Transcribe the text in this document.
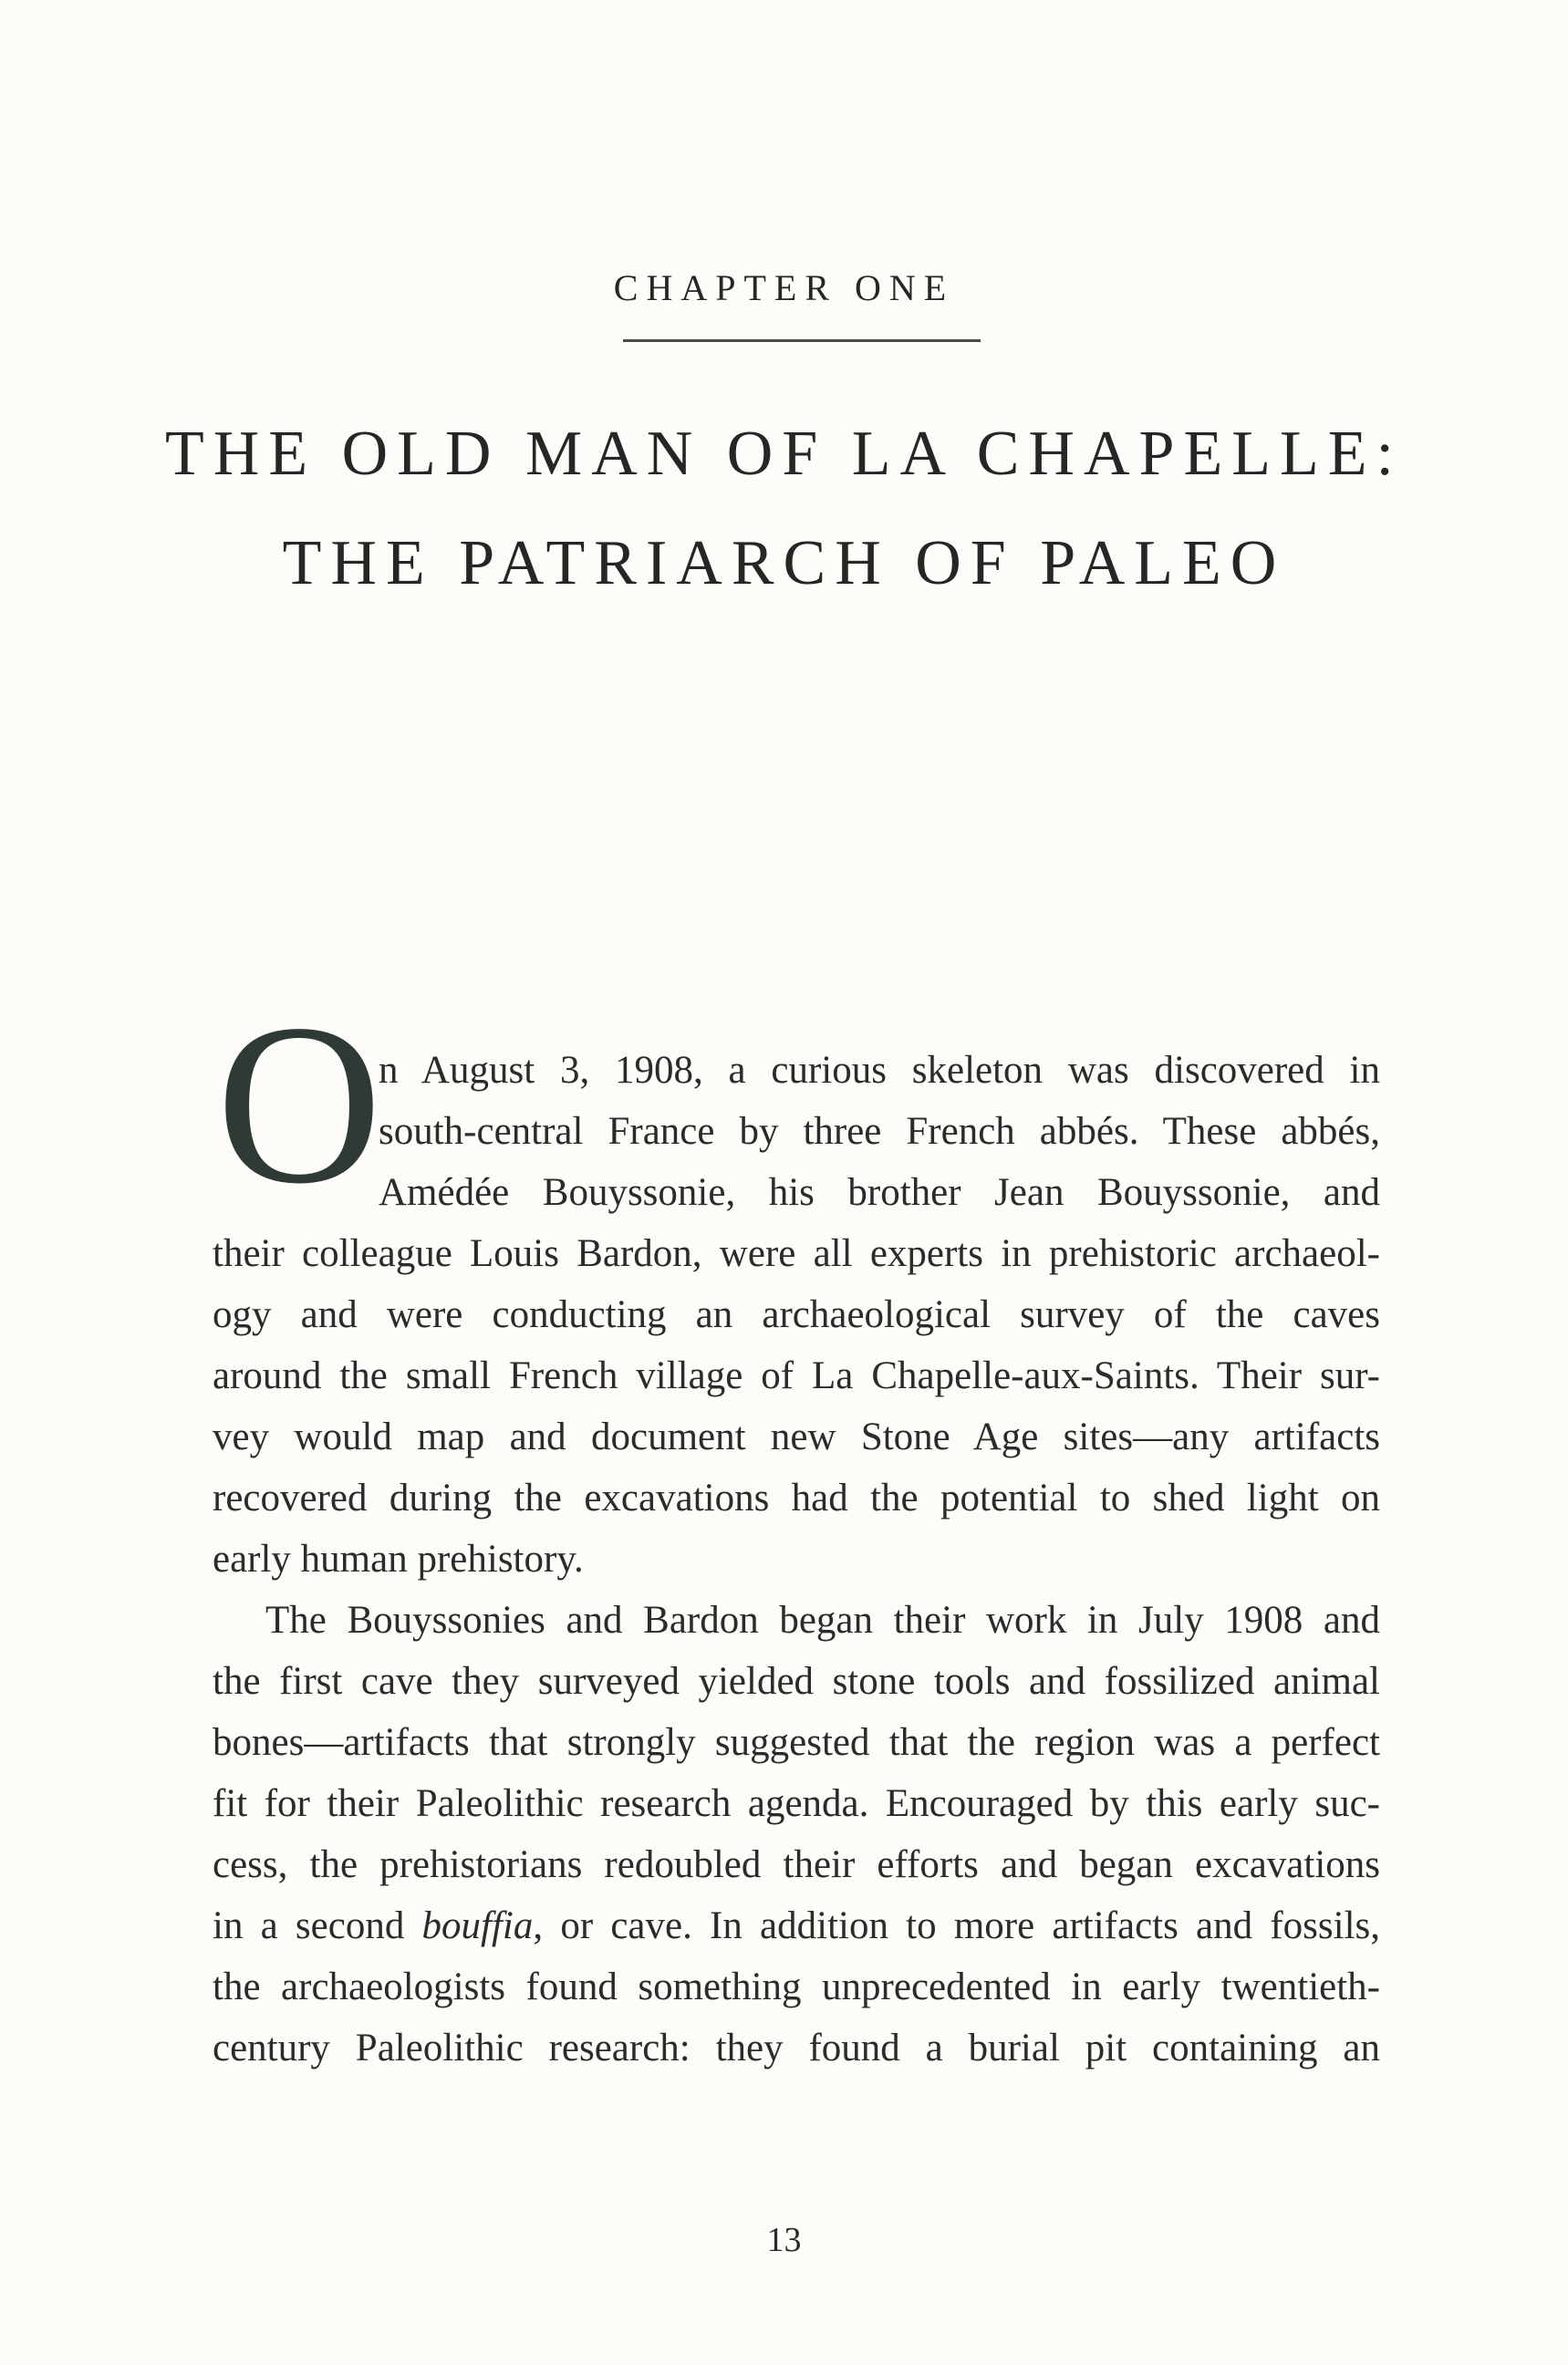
CHAPTER ONE
THE OLD MAN OF LA CHAPELLE:
THE PATRIARCH OF PALEO
O
n August 3, 1908, a curious skeleton was discovered in
south-central France by three French abbés. These abbés,
Amédée Bouyssonie, his brother Jean Bouyssonie, and
their colleague Louis Bardon, were all experts in prehistoric archaeol-
ogy and were conducting an archaeological survey of the caves
around the small French village of La Chapelle-aux-Saints. Their sur-
vey would map and document new Stone Age sites—any artifacts
recovered during the excavations had the potential to shed light on
early human prehistory.
The Bouyssonies and Bardon began their work in July 1908 and
the first cave they surveyed yielded stone tools and fossilized animal
bones—artifacts that strongly suggested that the region was a perfect
fit for their Paleolithic research agenda. Encouraged by this early suc-
cess, the prehistorians redoubled their efforts and began excavations
in a second bouffia, or cave. In addition to more artifacts and fossils,
the archaeologists found something unprecedented in early twentieth-
century Paleolithic research: they found a burial pit containing an
13
